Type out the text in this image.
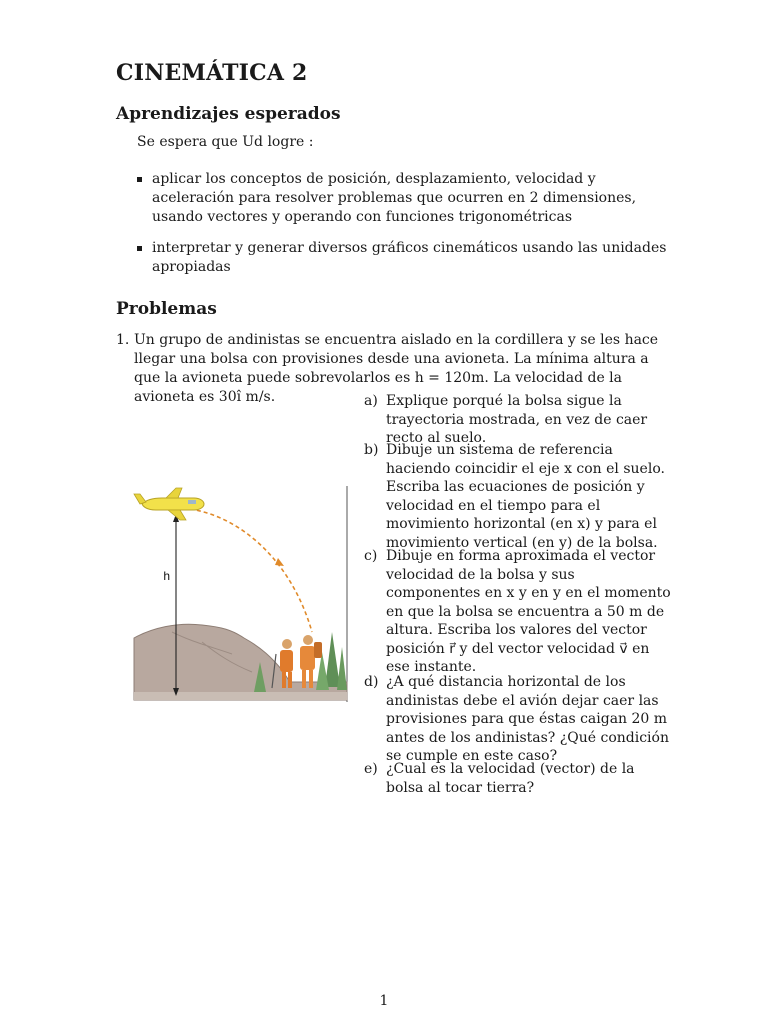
CINEMÁTICA 2
Aprendizajes esperados
Se espera que Ud logre :
aplicar los conceptos de posición, desplazamiento, velocidad y aceleración para resolver problemas que ocurren en 2 dimensiones, usando vectores y operando con funciones trigonométricas
interpretar y generar diversos gráficos cinemáticos usando las unidades apropiadas
Problemas
1. Un grupo de andinistas se encuentra aislado en la cordillera y se les hace llegar una bolsa con provisiones desde una avioneta. La mínima altura a que la avioneta puede sobrevolarlos es h = 120m. La velocidad de la avioneta es 30î m/s.	a) Explique porqué la bolsa sigue la trayectoria mostrada, en vez de caer recto al suelo.
b) Dibuje un sistema de referencia haciendo coincidir el eje x con el suelo. Escriba las ecuaciones de posición y velocidad en el tiempo para el movimiento horizontal (en x) y para el movimiento vertical (en y) de la bolsa.
c) Dibuje en forma aproximada el vector velocidad de la bolsa y sus componentes en x y en y en el momento en que la bolsa se encuentra a 50 m de altura. Escriba los valores del vector posición r⃗ y del vector velocidad v⃗ en ese instante.
d) ¿A qué distancia horizontal de los andinistas debe el avión dejar caer las provisiones para que éstas caigan 20 m antes de los andinistas? ¿Qué condición se cumple en este caso?
e) ¿Cual es la velocidad (vector) de la bolsa al tocar tierra?
h
1
